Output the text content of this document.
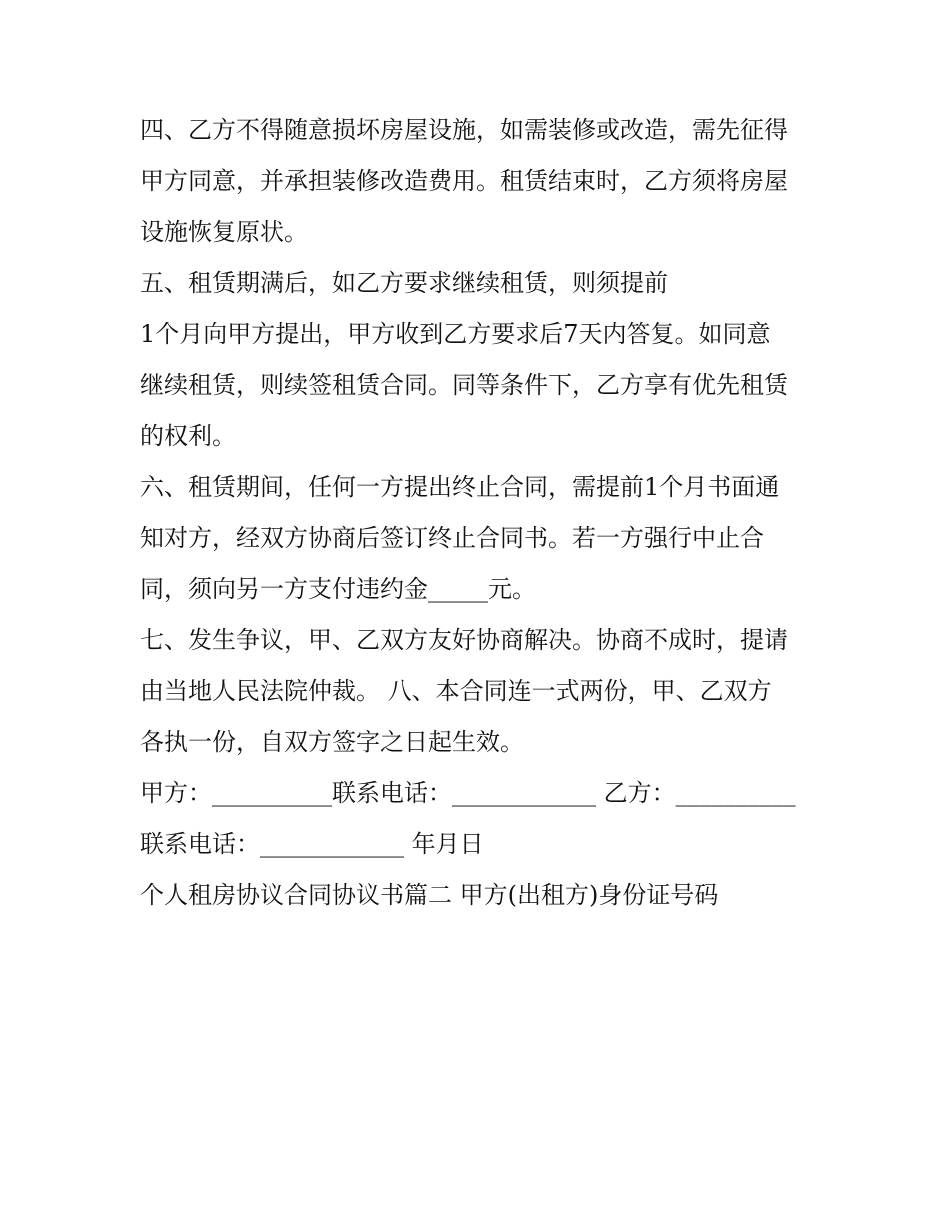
四、乙方不得随意损坏房屋设施，如需装修或改造，需先征得
甲方同意，并承担装修改造费用。租赁结束时，乙方须将房屋
设施恢复原状。
五、租赁期满后，如乙方要求继续租赁，则须提前
1个月向甲方提出，甲方收到乙方要求后7天内答复。如同意
继续租赁，则续签租赁合同。同等条件下，乙方享有优先租赁
的权利。
六、租赁期间，任何一方提出终止合同，需提前1个月书面通
知对方，经双方协商后签订终止合同书。若一方强行中止合
同，须向另一方支付违约金_____元。
七、发生争议，甲、乙双方友好协商解决。协商不成时，提请
由当地人民法院仲裁。 八、本合同连一式两份，甲、乙双方
各执一份，自双方签字之日起生效。
甲方：__________联系电话：____________ 乙方：__________
联系电话：____________ 年月日
个人租房协议合同协议书篇二 甲方(出租方)身份证号码
